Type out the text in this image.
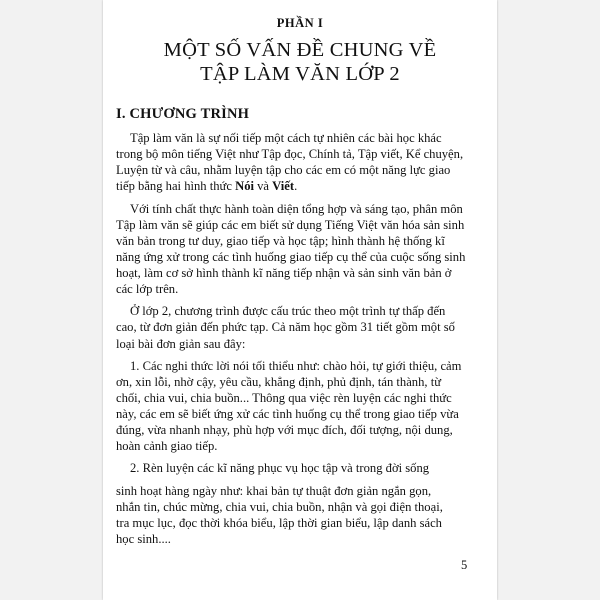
PHẦN I
MỘT SỐ VẤN ĐỀ CHUNG VỀ
TẬP LÀM VĂN LỚP 2
I. CHƯƠNG TRÌNH
Tập làm văn là sự nối tiếp một cách tự nhiên các bài học khác
trong bộ môn tiếng Việt như Tập đọc, Chính tả, Tập viết, Kể chuyện,
Luyện từ và câu, nhằm luyện tập cho các em có một năng lực giao
tiếp bằng hai hình thức Nói và Viết.
Với tính chất thực hành toàn diện tổng hợp và sáng tạo, phân môn
Tập làm văn sẽ giúp các em biết sử dụng Tiếng Việt văn hóa sản sinh
văn bản trong tư duy, giao tiếp và học tập; hình thành hệ thống kĩ
năng ứng xử trong các tình huống giao tiếp cụ thể của cuộc sống sinh
hoạt, làm cơ sở hình thành kĩ năng tiếp nhận và sản sinh văn bản ở
các lớp trên.
Ở lớp 2, chương trình được cấu trúc theo một trình tự thấp đến
cao, từ đơn giản đến phức tạp. Cả năm học gồm 31 tiết gồm một số
loại bài đơn giản sau đây:
1. Các nghi thức lời nói tối thiểu như: chào hỏi, tự giới thiệu, cảm
ơn, xin lỗi, nhờ cậy, yêu cầu, khẳng định, phủ định, tán thành, từ
chối, chia vui, chia buồn... Thông qua việc rèn luyện các nghi thức
này, các em sẽ biết ứng xử các tình huống cụ thể trong giao tiếp vừa
đúng, vừa nhanh nhạy, phù hợp với mục đích, đối tượng, nội dung,
hoàn cảnh giao tiếp.
2. Rèn luyện các kĩ năng phục vụ học tập và trong đời sống
sinh hoạt hàng ngày như: khai bản tự thuật đơn giản ngắn gọn,
nhắn tin, chúc mừng, chia vui, chia buồn, nhận và gọi điện thoại,
tra mục lục, đọc thời khóa biểu, lập thời gian biểu, lập danh sách
học sinh....
5
